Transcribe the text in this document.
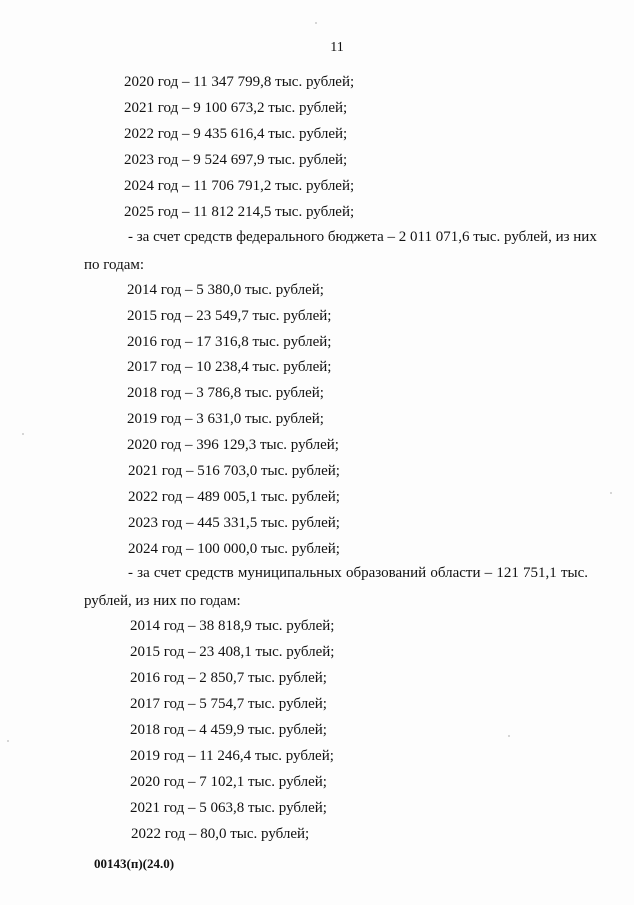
11
2020 год – 11 347 799,8 тыс. рублей;
2021 год – 9 100 673,2 тыс. рублей;
2022 год – 9 435 616,4 тыс. рублей;
2023 год – 9 524 697,9 тыс. рублей;
2024 год – 11 706 791,2 тыс. рублей;
2025 год – 11 812 214,5 тыс. рублей;
- за счет средств федерального бюджета – 2 011 071,6 тыс. рублей, из них
по годам:
2014 год – 5 380,0 тыс. рублей;
2015 год – 23 549,7 тыс. рублей;
2016 год – 17 316,8 тыс. рублей;
2017 год – 10 238,4 тыс. рублей;
2018 год – 3 786,8 тыс. рублей;
2019 год – 3 631,0 тыс. рублей;
2020 год – 396 129,3 тыс. рублей;
2021 год – 516 703,0 тыс. рублей;
2022 год – 489 005,1 тыс. рублей;
2023 год – 445 331,5 тыс. рублей;
2024 год – 100 000,0 тыс. рублей;
- за счет средств муниципальных образований области – 121 751,1 тыс.
рублей, из них по годам:
2014 год – 38 818,9 тыс. рублей;
2015 год – 23 408,1 тыс. рублей;
2016 год – 2 850,7 тыс. рублей;
2017 год – 5 754,7 тыс. рублей;
2018 год – 4 459,9 тыс. рублей;
2019 год – 11 246,4 тыс. рублей;
2020 год – 7 102,1 тыс. рублей;
2021 год – 5 063,8 тыс. рублей;
2022 год – 80,0 тыс. рублей;
00143(п)(24.0)
